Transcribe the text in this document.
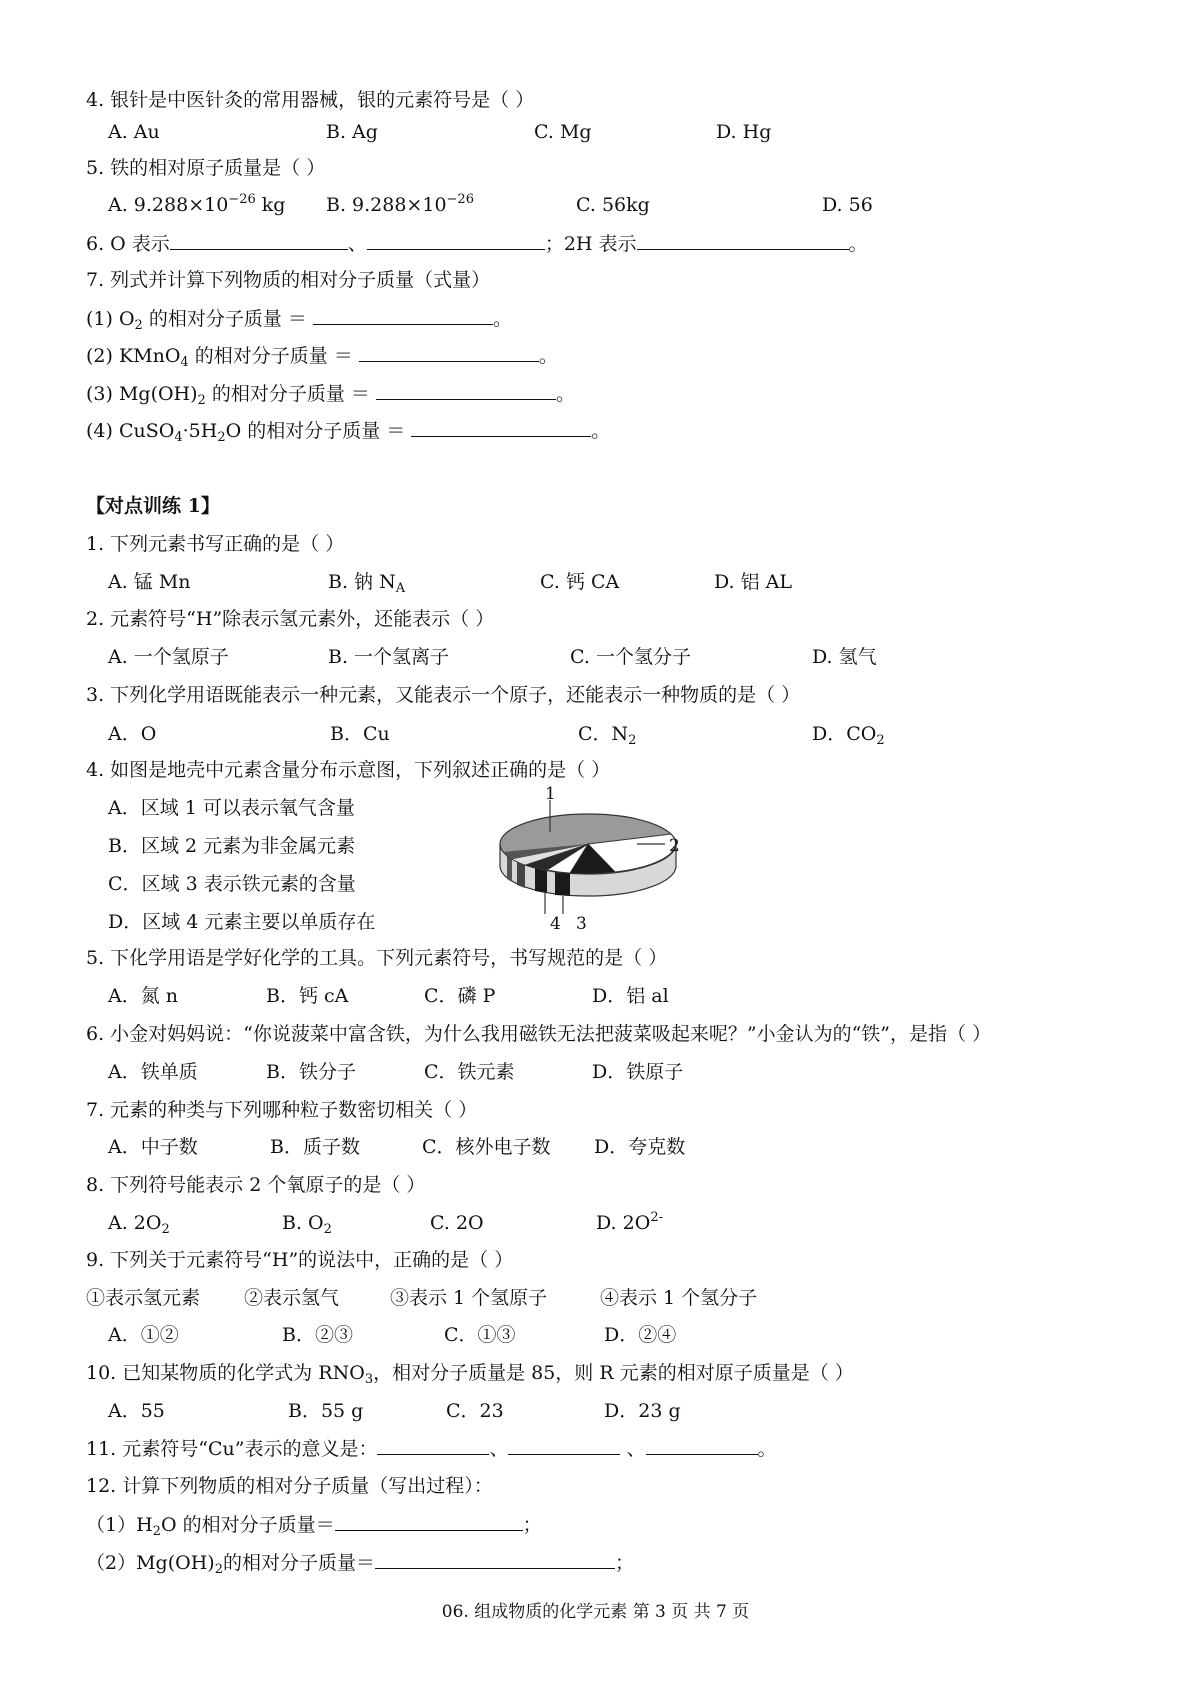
4. 银针是中医针灸的常用器械，银的元素符号是（ ）
A. Au	B. Ag	C. Mg	D. Hg
5. 铁的相对原子质量是（ ）
A. $9.288\times 10^{-26}$ kg B. $9.288\times 10^{-26}$	C. 56kg	D. 56
6. O 表示	、	；2H 表示	。
7. 列式并计算下列物质的相对分子质量（式量）
(1) $O_2$ 的相对分子质量 ＝	。
(2) KMnO$_4$ 的相对分子质量 ＝	。
(3) $Mg(OH)_2$ 的相对分子质量 ＝	。
(4) $CuSO_4\cdot 5H_2O$ 的相对分子质量 ＝	。
【对点训练 1】
1. 下列元素书写正确的是（ ）
A. 锰 Mn	B. 钠 $N_A$	C. 钙 CA	D. 铝 AL
2. 元素符号“H”除表示氢元素外，还能表示（ ）
A. 一个氢原子	B. 一个氢离子	C. 一个氢分子	D. 氢气
3. 下列化学用语既能表示一种元素，又能表示一个原子，还能表示一种物质的是（ ）
A．O	B．Cu	C．$N_2$	D．$CO_2$
4. 如图是地壳中元素含量分布示意图，下列叙述正确的是（ ）
A．区域 1 可以表示氧气含量
B．区域 2 元素为非金属元素
C．区域 3 表示铁元素的含量
D．区域 4 元素主要以单质存在
1
2
3
4
5. 下化学用语是学好化学的工具。下列元素符号，书写规范的是（ ）
A．氮 n	B．钙 cA	C．磷 P	D．铝 al
6. 小金对妈妈说：“你说菠菜中富含铁，为什么我用磁铁无法把菠菜吸起来呢？”小金认为的“铁”，是指（ ）
A．铁单质	B．铁分子	C．铁元素	D．铁原子
7. 元素的种类与下列哪种粒子数密切相关（ ）
A．中子数	B．质子数	C．核外电子数 D．夸克数
8. 下列符号能表示 2 个氧原子的是（ ）
A. $2O_2$	B. $O_2$	C. 2O	D. $2O^{2-}$
9. 下列关于元素符号“H”的说法中，正确的是（ ）
①表示氢元素 ②表示氢气	③表示 1 个氢原子	④表示 1 个氢分子
A．①②	B．②③	C．①③	D．②④
10. 已知某物质的化学式为 $RNO_3$，相对分子质量是 85，则 R 元素的相对原子质量是（ ）
A．55	B．55 g	C．23	D．23 g
11. 元素符号“Cu”表示的意义是：	、	、	。
12. 计算下列物质的相对分子质量（写出过程）：
$(1)H_2O$ 的相对分子质量＝	；
$(2)Mg(OH)_2$的相对分子质量＝	；
06. 组成物质的化学元素 第 3 页 共 7 页
